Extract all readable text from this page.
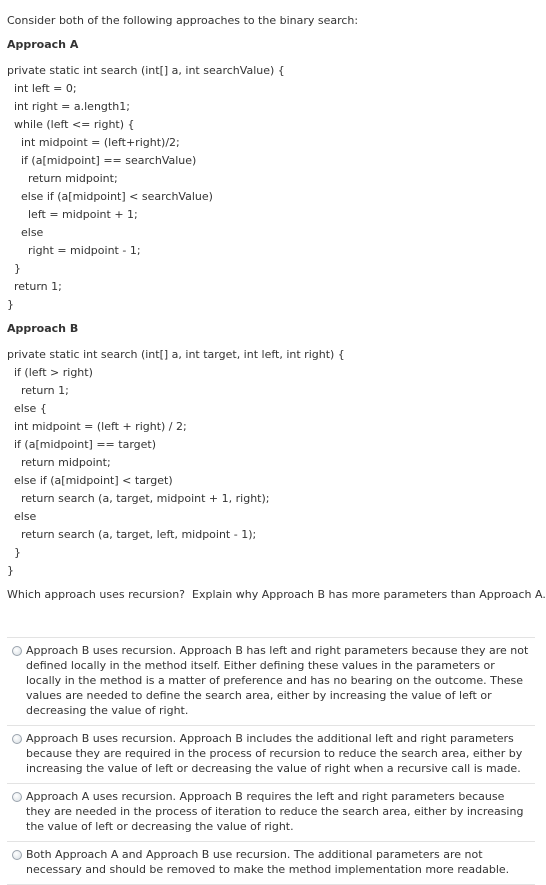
Consider both of the following approaches to the binary search:
Approach A
private static int search (int[] a, int searchValue) {
int left = 0;
int right = a.length1;
while (left <= right) {
int midpoint = (left+right)/2;
if (a[midpoint] == searchValue)
return midpoint;
else if (a[midpoint] < searchValue)
left = midpoint + 1;
else
right = midpoint - 1;
}
return 1;
}
Approach B
private static int search (int[] a, int target, int left, int right) {
if (left > right)
return 1;
else {
int midpoint = (left + right) / 2;
if (a[midpoint] == target)
return midpoint;
else if (a[midpoint] < target)
return search (a, target, midpoint + 1, right);
else
return search (a, target, left, midpoint - 1);
}
}
Which approach uses recursion?  Explain why Approach B has more parameters than Approach A.
Approach B uses recursion. Approach B has left and right parameters because they are not defined locally in the method itself. Either defining these values in the parameters or locally in the method is a matter of preference and has no bearing on the outcome. These values are needed to define the search area, either by increasing the value of left or decreasing the value of right.
Approach B uses recursion. Approach B includes the additional left and right parameters because they are required in the process of recursion to reduce the search area, either by increasing the value of left or decreasing the value of right when a recursive call is made.
Approach A uses recursion. Approach B requires the left and right parameters because they are needed in the process of iteration to reduce the search area, either by increasing the value of left or decreasing the value of right.
Both Approach A and Approach B use recursion. The additional parameters are not necessary and should be removed to make the method implementation more readable.
